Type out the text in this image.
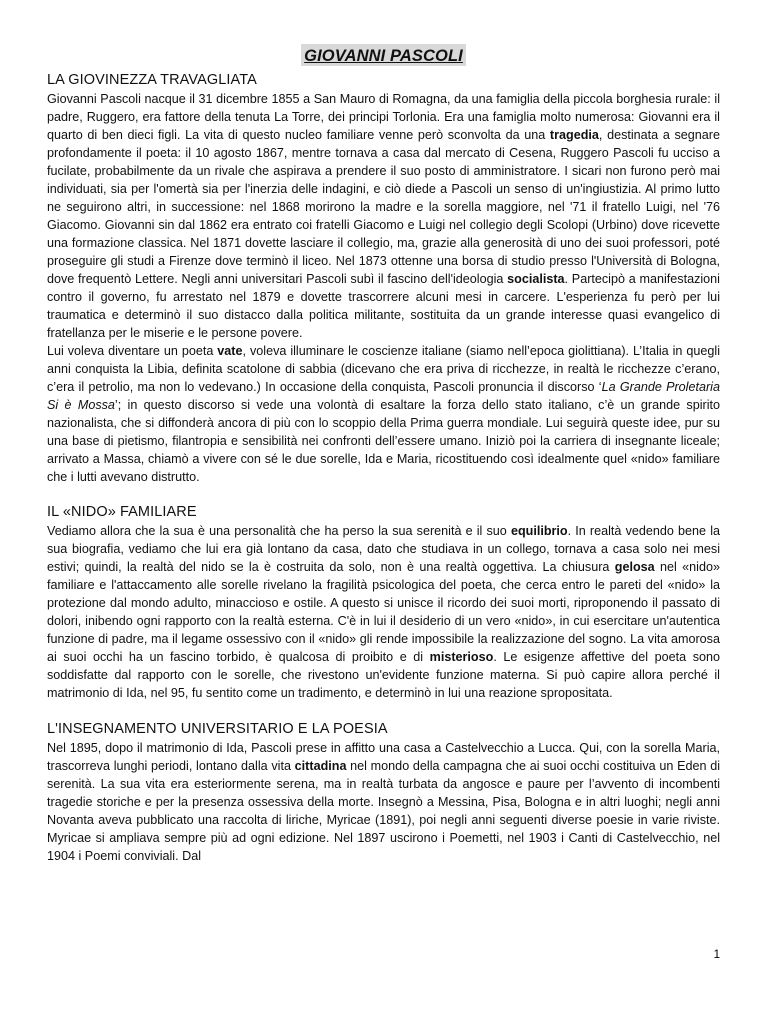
GIOVANNI PASCOLI
LA GIOVINEZZA TRAVAGLIATA

Giovanni Pascoli nacque il 31 dicembre 1855 a San Mauro di Romagna, da una famiglia della piccola borghesia rurale: il padre, Ruggero, era fattore della tenuta La Torre, dei principi Torlonia. Era una famiglia molto numerosa: Giovanni era il quarto di ben dieci figli. La vita di questo nucleo familiare venne però sconvolta da una tragedia, destinata a segnare profondamente il poeta: il 10 agosto 1867, mentre tornava a casa dal mercato di Cesena, Ruggero Pascoli fu ucciso a fucilate, probabilmente da un rivale che aspirava a prendere il suo posto di amministratore. I sicari non furono però mai individuati, sia per l'omertà sia per l'inerzia delle indagini, e ciò diede a Pascoli un senso di un'ingiustizia. Al primo lutto ne seguirono altri, in successione: nel 1868 morirono la madre e la sorella maggiore, nel '71 il fratello Luigi, nel '76 Giacomo. Giovanni sin dal 1862 era entrato coi fratelli Giacomo e Luigi nel collegio degli Scolopi (Urbino) dove ricevette una formazione classica. Nel 1871 dovette lasciare il collegio, ma, grazie alla generosità di uno dei suoi professori, poté proseguire gli studi a Firenze dove terminò il liceo. Nel 1873 ottenne una borsa di studio presso l'Università di Bologna, dove frequentò Lettere. Negli anni universitari Pascoli subì il fascino dell'ideologia socialista. Partecipò a manifestazioni contro il governo, fu arrestato nel 1879 e dovette trascorrere alcuni mesi in carcere. L'esperienza fu però per lui traumatica e determinò il suo distacco dalla politica militante, sostituita da un grande interesse quasi evangelico di fratellanza per le miserie e le persone povere.

Lui voleva diventare un poeta vate, voleva illuminare le coscienze italiane (siamo nell’epoca giolittiana). L’Italia in quegli anni conquista la Libia, definita scatolone di sabbia (dicevano che era priva di ricchezze, in realtà le ricchezze c’erano, c’era il petrolio, ma non lo vedevano.) In occasione della conquista, Pascoli pronuncia il discorso ‘La Grande Proletaria Si è Mossa’; in questo discorso si vede una volontà di esaltare la forza dello stato italiano, c’è un grande spirito nazionalista, che si diffonderà ancora di più con lo scoppio della Prima guerra mondiale. Lui seguirà queste idee, pur su una base di pietismo, filantropia e sensibilità nei confronti dell’essere umano. Iniziò poi la carriera di insegnante liceale; arrivato a Massa, chiamò a vivere con sé le due sorelle, Ida e Maria, ricostituendo così idealmente quel «nido» familiare che i lutti avevano distrutto.

IL «NIDO» FAMILIARE

Vediamo allora che la sua è una personalità che ha perso la sua serenità e il suo equilibrio. In realtà vedendo bene la sua biografia, vediamo che lui era già lontano da casa, dato che studiava in un collego, tornava a casa solo nei mesi estivi; quindi, la realtà del nido se la è costruita da solo, non è una realtà oggettiva. La chiusura gelosa nel «nido» familiare e l'attaccamento alle sorelle rivelano la fragilità psicologica del poeta, che cerca entro le pareti del «nido» la protezione dal mondo adulto, minaccioso e ostile. A questo si unisce il ricordo dei suoi morti, riproponendo il passato di dolori, inibendo ogni rapporto con la realtà esterna. C'è in lui il desiderio di un vero «nido», in cui esercitare un'autentica funzione di padre, ma il legame ossessivo con il «nido» gli rende impossibile la realizzazione del sogno. La vita amorosa ai suoi occhi ha un fascino torbido, è qualcosa di proibito e di misterioso. Le esigenze affettive del poeta sono soddisfatte dal rapporto con le sorelle, che rivestono un'evidente funzione materna. Si può capire allora perché il matrimonio di Ida, nel 95, fu sentito come un tradimento, e determinò in lui una reazione spropositata.

L'INSEGNAMENTO UNIVERSITARIO E LA POESIA

Nel 1895, dopo il matrimonio di Ida, Pascoli prese in affitto una casa a Castelvecchio a Lucca. Qui, con la sorella Maria, trascorreva lunghi periodi, lontano dalla vita cittadina nel mondo della campagna che ai suoi occhi costituiva un Eden di serenità. La sua vita era esteriormente serena, ma in realtà turbata da angosce e paure per l’avvento di incombenti tragedie storiche e per la presenza ossessiva della morte. Insegnò a Messina, Pisa, Bologna e in altri luoghi; negli anni Novanta aveva pubblicato una raccolta di liriche, Myricae (1891), poi negli anni seguenti diverse poesie in varie riviste. Myricae si ampliava sempre più ad ogni edizione. Nel 1897 uscirono i Poemetti, nel 1903 i Canti di Castelvecchio, nel 1904 i Poemi conviviali. Dal

1
